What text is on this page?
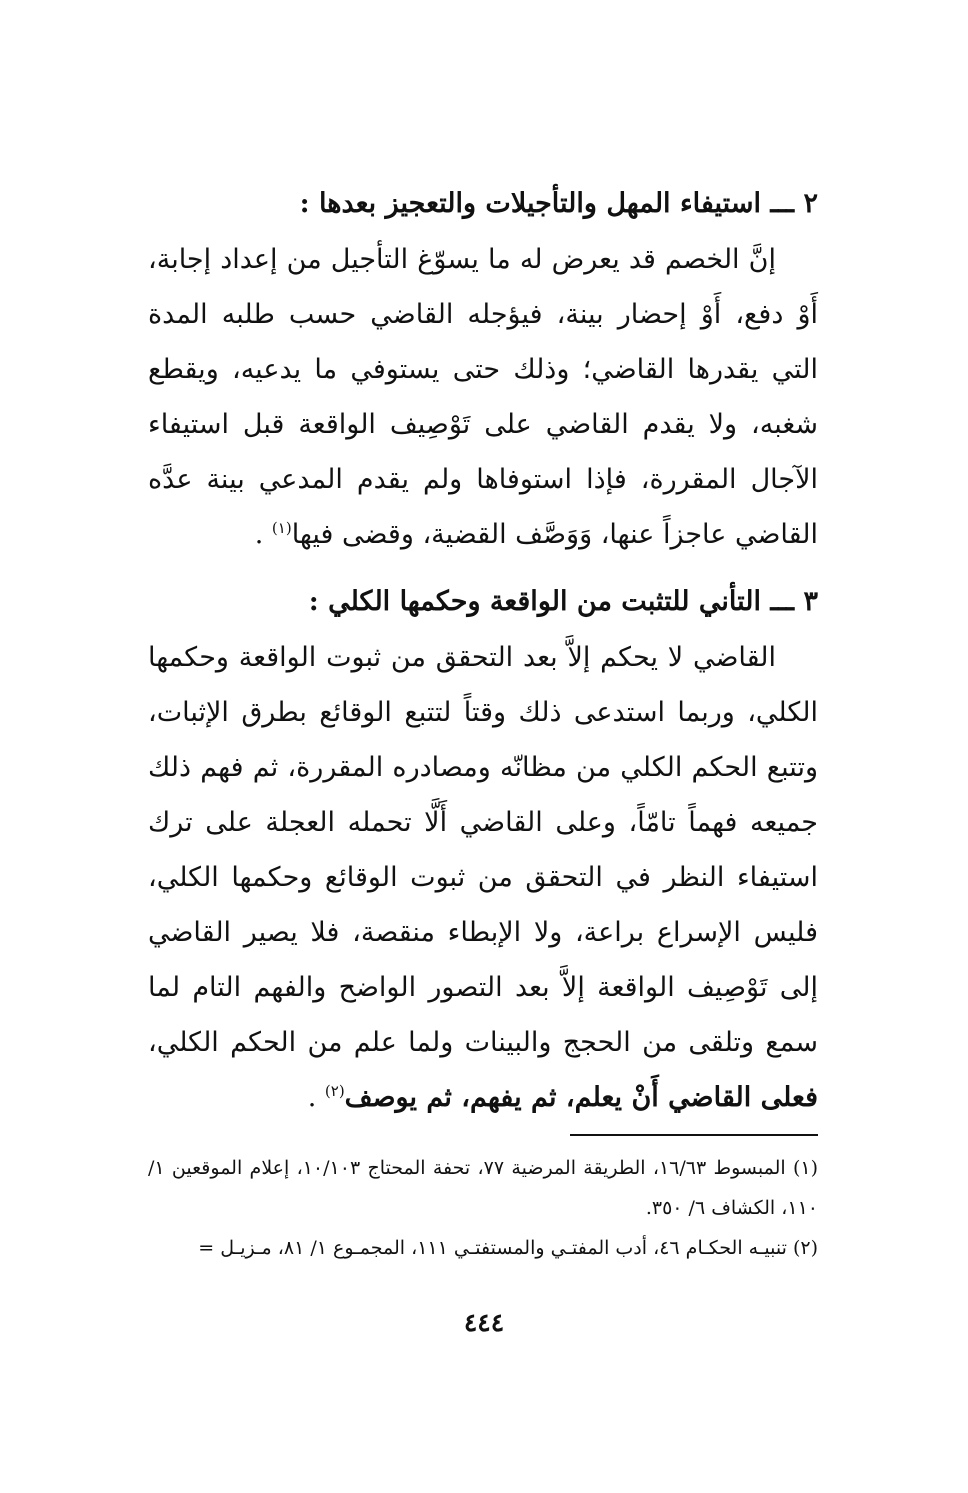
٢ ـــ استيفاء المهل والتأجيلات والتعجيز بعدها :

إنَّ الخصم قد يعرض له ما يسوّغ التأجيل من إعداد إجابة، أَوْ دفع، أَوْ إحضار بينة، فيؤجله القاضي حسب طلبه المدة التي يقدرها القاضي؛ وذلك حتى يستوفي ما يدعيه، ويقطع شغبه، ولا يقدم القاضي على تَوْصِيف الواقعة قبل استيفاء الآجال المقررة، فإذا استوفاها ولم يقدم المدعي بينة عدَّه القاضي عاجزاً عنها، وَوَصَّف القضية، وقضى فيها$^{(١)}$ .

٣ ـــ التأني للتثبت من الواقعة وحكمها الكلي :

القاضي لا يحكم إلاَّ بعد التحقق من ثبوت الواقعة وحكمها الكلي، وربما استدعى ذلك وقتاً لتتبع الوقائع بطرق الإثبات، وتتبع الحكم الكلي من مظانّه ومصادره المقررة، ثم فهم ذلك جميعه فهماً تامّاً، وعلى القاضي أَلَّا تحمله العجلة على ترك استيفاء النظر في التحقق من ثبوت الوقائع وحكمها الكلي، فليس الإسراع براعة، ولا الإبطاء منقصة، فلا يصير القاضي إلى تَوْصِيف الواقعة إلاَّ بعد التصور الواضح والفهم التام لما سمع وتلقى من الحجج والبينات ولما علم من الحكم الكلي، فعلى القاضي أَنْ يعلم، ثم يفهم، ثم يوصف$^{(٢)}$ .

(١) المبسوط ١٦/٦٣، الطريقة المرضية ٧٧، تحفة المحتاج ١٠/١٠٣، إعلام الموقعين ١/ ١١٠، الكشاف ٦/ ٣٥٠.

(٢) تنبيـه الحكـام ٤٦، أدب المفتـي والمستفتـي ١١١، المجمـوع ١/ ٨١، مـزيـل =

٤٤٤
